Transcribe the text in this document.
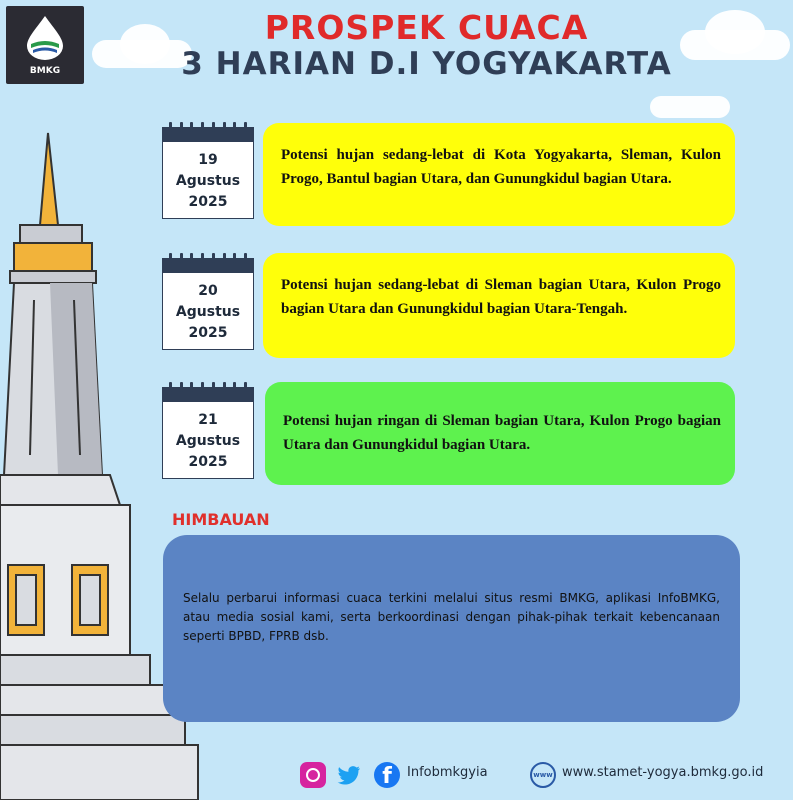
BMKG
PROSPEK CUACA
3 HARIAN D.I YOGYAKARTA
19
Agustus
2025
Potensi hujan sedang-lebat di Kota Yogyakarta, Sleman, Kulon Progo, Bantul bagian Utara, dan Gunungkidul bagian Utara.
20
Agustus
2025
Potensi hujan sedang-lebat di Sleman bagian Utara, Kulon Progo bagian Utara dan Gunungkidul bagian Utara-Tengah.
21
Agustus
2025
Potensi hujan ringan di Sleman bagian Utara, Kulon Progo bagian Utara dan Gunungkidul bagian Utara.
HIMBAUAN
Selalu perbarui informasi cuaca terkini melalui situs resmi BMKG, aplikasi InfoBMKG, atau media sosial kami, serta berkoordinasi dengan pihak-pihak terkait kebencanaan seperti BPBD, FPRB dsb.
f	Infobmkgyia	www www.stamet-yogya.bmkg.go.id
